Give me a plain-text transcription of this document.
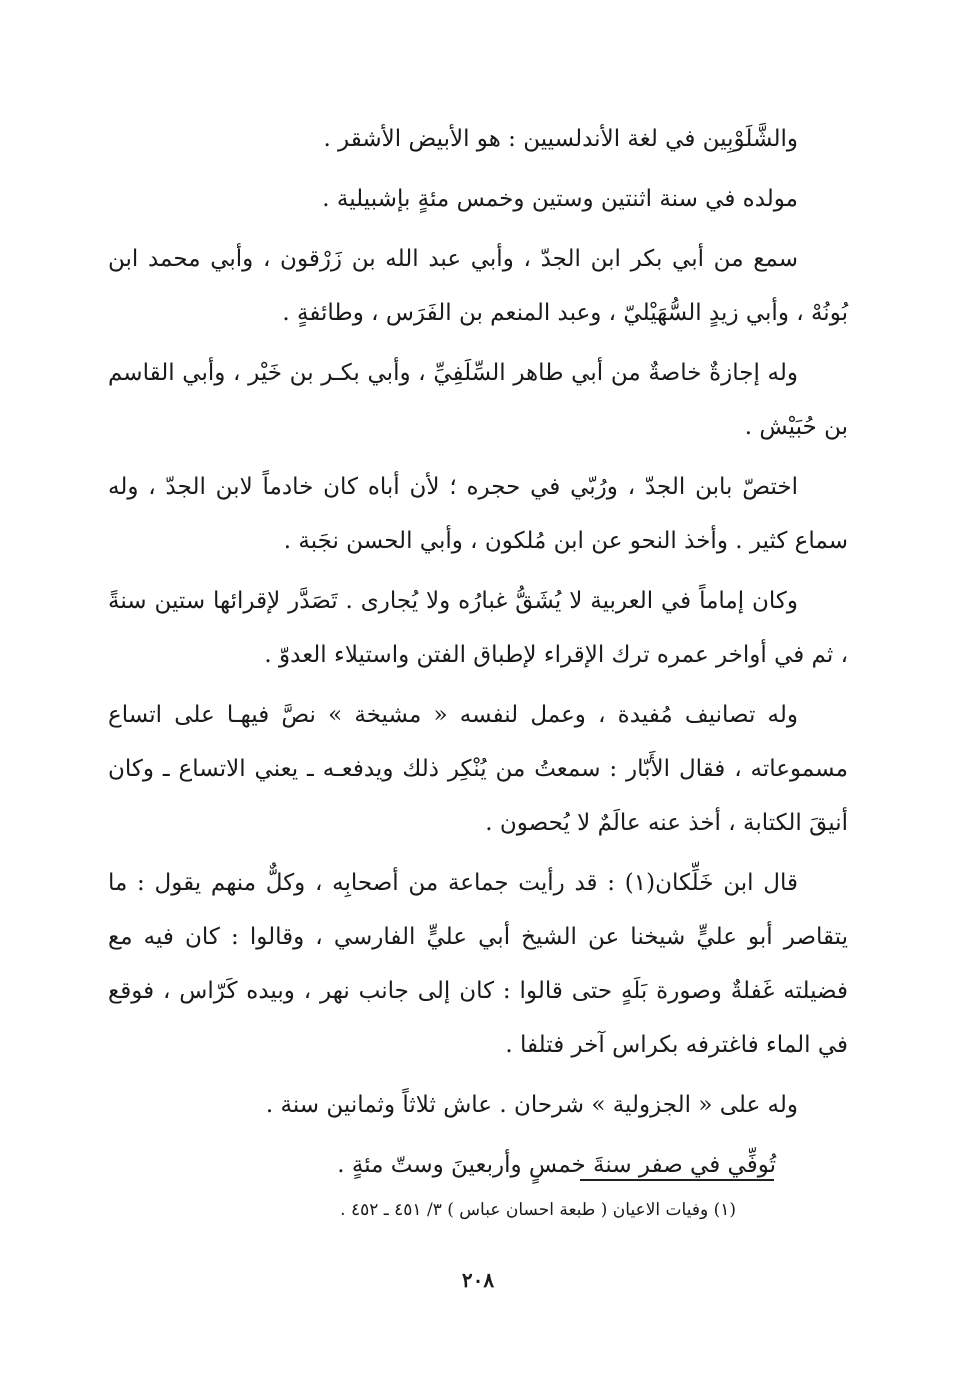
والشَّلَوْبِين في لغة الأندلسيين : هو الأبيض الأشقر .

مولده في سنة اثنتين وستين وخمس مئةٍ بإشبيلية .

سمع من أبي بكر ابن الجدّ ، وأبي عبد الله بن زَرْقون ، وأبي محمد ابن بُونُهْ ، وأبي زيدٍ السُّهَيْليّ ، وعبد المنعم بن الفَرَس ، وطائفةٍ .

وله إجازةٌ خاصةٌ من أبي طاهر السِّلَفِيِّ ، وأبي بكـر بن خَيْر ، وأبي القاسم بن حُبَيْش .

اختصّ بابن الجدّ ، ورُبّي في حجره ؛ لأن أباه كان خادماً لابن الجدّ ، وله سماع كثير . وأخذ النحو عن ابن مُلكون ، وأبي الحسن نجَبة .

وكان إماماً في العربية لا يُشَقُّ غبارُه ولا يُجارى . تَصَدَّر لإقرائها ستين سنةً ، ثم في أواخر عمره ترك الإقراء لإطباق الفتن واستيلاء العدوّ .

وله تصانيف مُفيدة ، وعمل لنفسه « مشيخة » نصَّ فيهـا على اتساع مسموعاته ، فقال الأَبّار : سمعتُ من يُنْكِر ذلك ويدفعـه ـ يعني الاتساع ـ وكان أنيقَ الكتابة ، أخذ عنه عالَمٌ لا يُحصون .

قال ابن خَلِّكان(١) : قد رأيت جماعة من أصحابِه ، وكلٌّ منهم يقول : ما يتقاصر أبو عليٍّ شيخنا عن الشيخ أبي عليٍّ الفارسي ، وقالوا : كان فيه مع فضيلته غَفلةٌ وصورة بَلَهٍ حتى قالوا : كان إلى جانب نهر ، وبيده كَرّاس ، فوقع في الماء فاغترفه بكراس آخر فتلفا .

وله على « الجزولية » شرحان . عاش ثلاثاً وثمانين سنة .

تُوفِّي في صفر سنةَ خمسٍ وأربعينَ وستّ مئةٍ .

(١) وفيات الاعيان ( طبعة احسان عباس ) ٣/ ٤٥١ ـ ٤٥٢ .
٢٠٨
